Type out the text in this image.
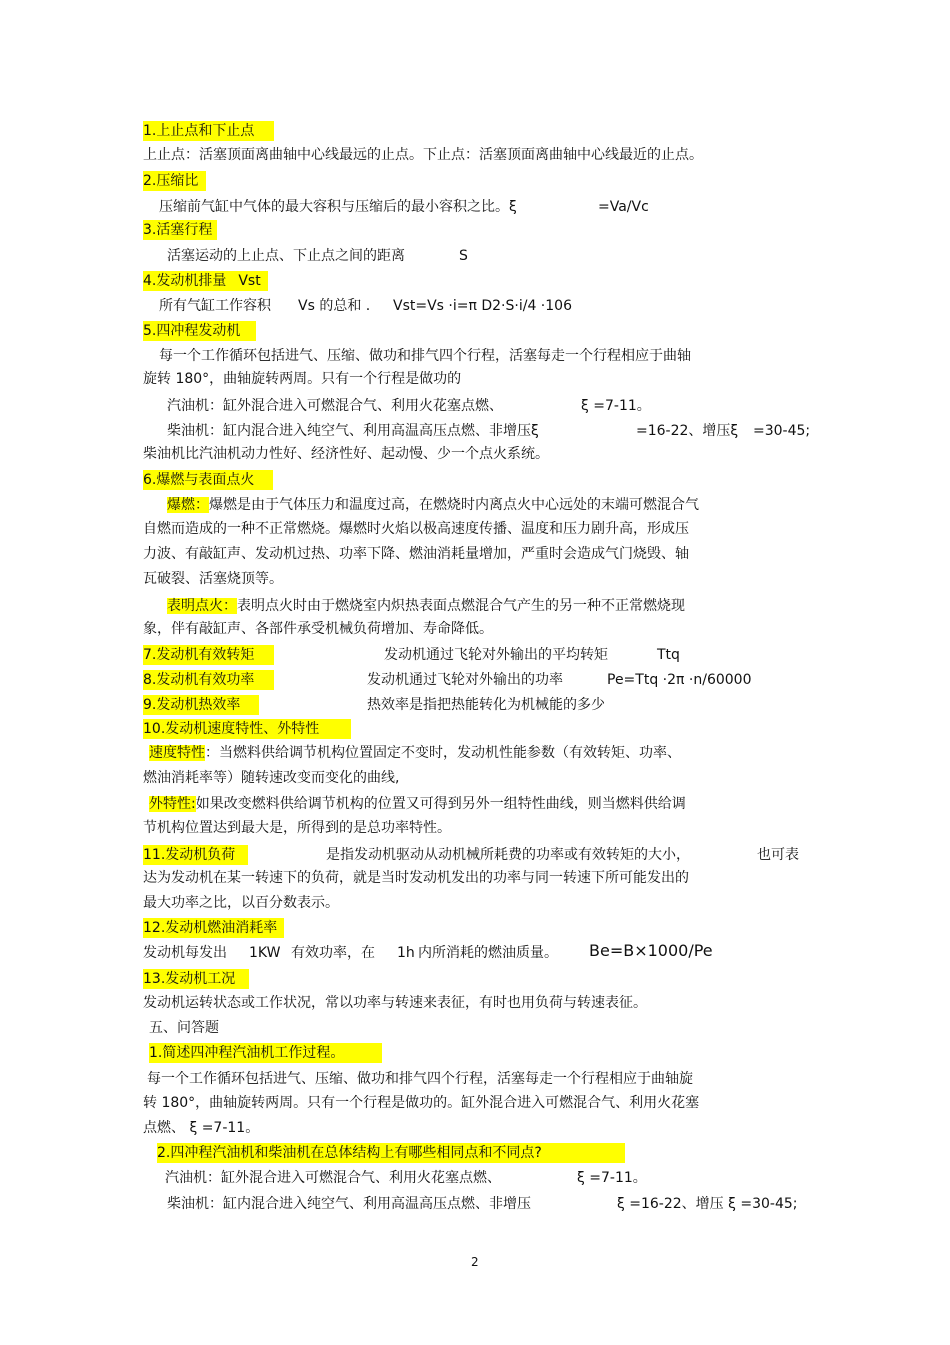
1.上止点和下止点
上止点：活塞顶面离曲轴中心线最远的止点。下止点：活塞顶面离曲轴中心线最近的止点。
2.压缩比
压缩前气缸中气体的最大容积与压缩后的最小容积之比。ξ	=Va/Vc
3.活塞行程
活塞运动的上止点、下止点之间的距离	S
4.发动机排量 Vst
所有气缸工作容积 Vs 的总和 . Vst=Vs ·i=π D2·S·i/4 ·106
5.四冲程发动机
每一个工作循环包括进气、压缩、做功和排气四个行程，活塞每走一个行程相应于曲轴
旋转 180°，曲轴旋转两周。只有一个行程是做功的
汽油机：缸外混合进入可燃混合气、利用火花塞点燃、	ξ =7-11。
柴油机：缸内混合进入纯空气、利用高温高压点燃、非增压ξ	=16-22、增压ξ =30-45;
柴油机比汽油机动力性好、经济性好、起动慢、少一个点火系统。
6.爆燃与表面点火
爆燃：爆燃是由于气体压力和温度过高，在燃烧时内离点火中心远处的末端可燃混合气
自燃而造成的一种不正常燃烧。爆燃时火焰以极高速度传播、温度和压力剧升高，形成压
力波、有敲缸声、发动机过热、功率下降、燃油消耗量增加，严重时会造成气门烧毁、轴
瓦破裂、活塞烧顶等。
表明点火：表明点火时由于燃烧室内炽热表面点燃混合气产生的另一种不正常燃烧现
象，伴有敲缸声、各部件承受机械负荷增加、寿命降低。
7.发动机有效转矩	发动机通过飞轮对外输出的平均转矩	Ttq
8.发动机有效功率	发动机通过飞轮对外输出的功率	Pe=Ttq ·2π ·n/60000
9.发动机热效率	热效率是指把热能转化为机械能的多少
10.发动机速度特性、外特性
速度特性：当燃料供给调节机构位置固定不变时，发动机性能参数（有效转矩、功率、
燃油消耗率等）随转速改变而变化的曲线,
外特性:如果改变燃料供给调节机构的位置又可得到另外一组特性曲线，则当燃料供给调
节机构位置达到最大是，所得到的是总功率特性。
11.发动机负荷	是指发动机驱动从动机械所耗费的功率或有效转矩的大小，	也可表
达为发动机在某一转速下的负荷，就是当时发动机发出的功率与同一转速下所可能发出的
最大功率之比，以百分数表示。
12.发动机燃油消耗率
发动机每发出 1KW 有效功率，在 1h 内所消耗的燃油质量。 Be=B×1000/Pe
13.发动机工况
发动机运转状态或工作状况，常以功率与转速来表征，有时也用负荷与转速表征。
五、问答题
1.简述四冲程汽油机工作过程。
每一个工作循环包括进气、压缩、做功和排气四个行程，活塞每走一个行程相应于曲轴旋
转 180°，曲轴旋转两周。只有一个行程是做功的。缸外混合进入可燃混合气、利用火花塞
点燃、 ξ =7-11。
2.四冲程汽油机和柴油机在总体结构上有哪些相同点和不同点?
汽油机：缸外混合进入可燃混合气、利用火花塞点燃、	ξ =7-11。
柴油机：缸内混合进入纯空气、利用高温高压点燃、非增压	ξ =16-22、增压 ξ =30-45;
2
